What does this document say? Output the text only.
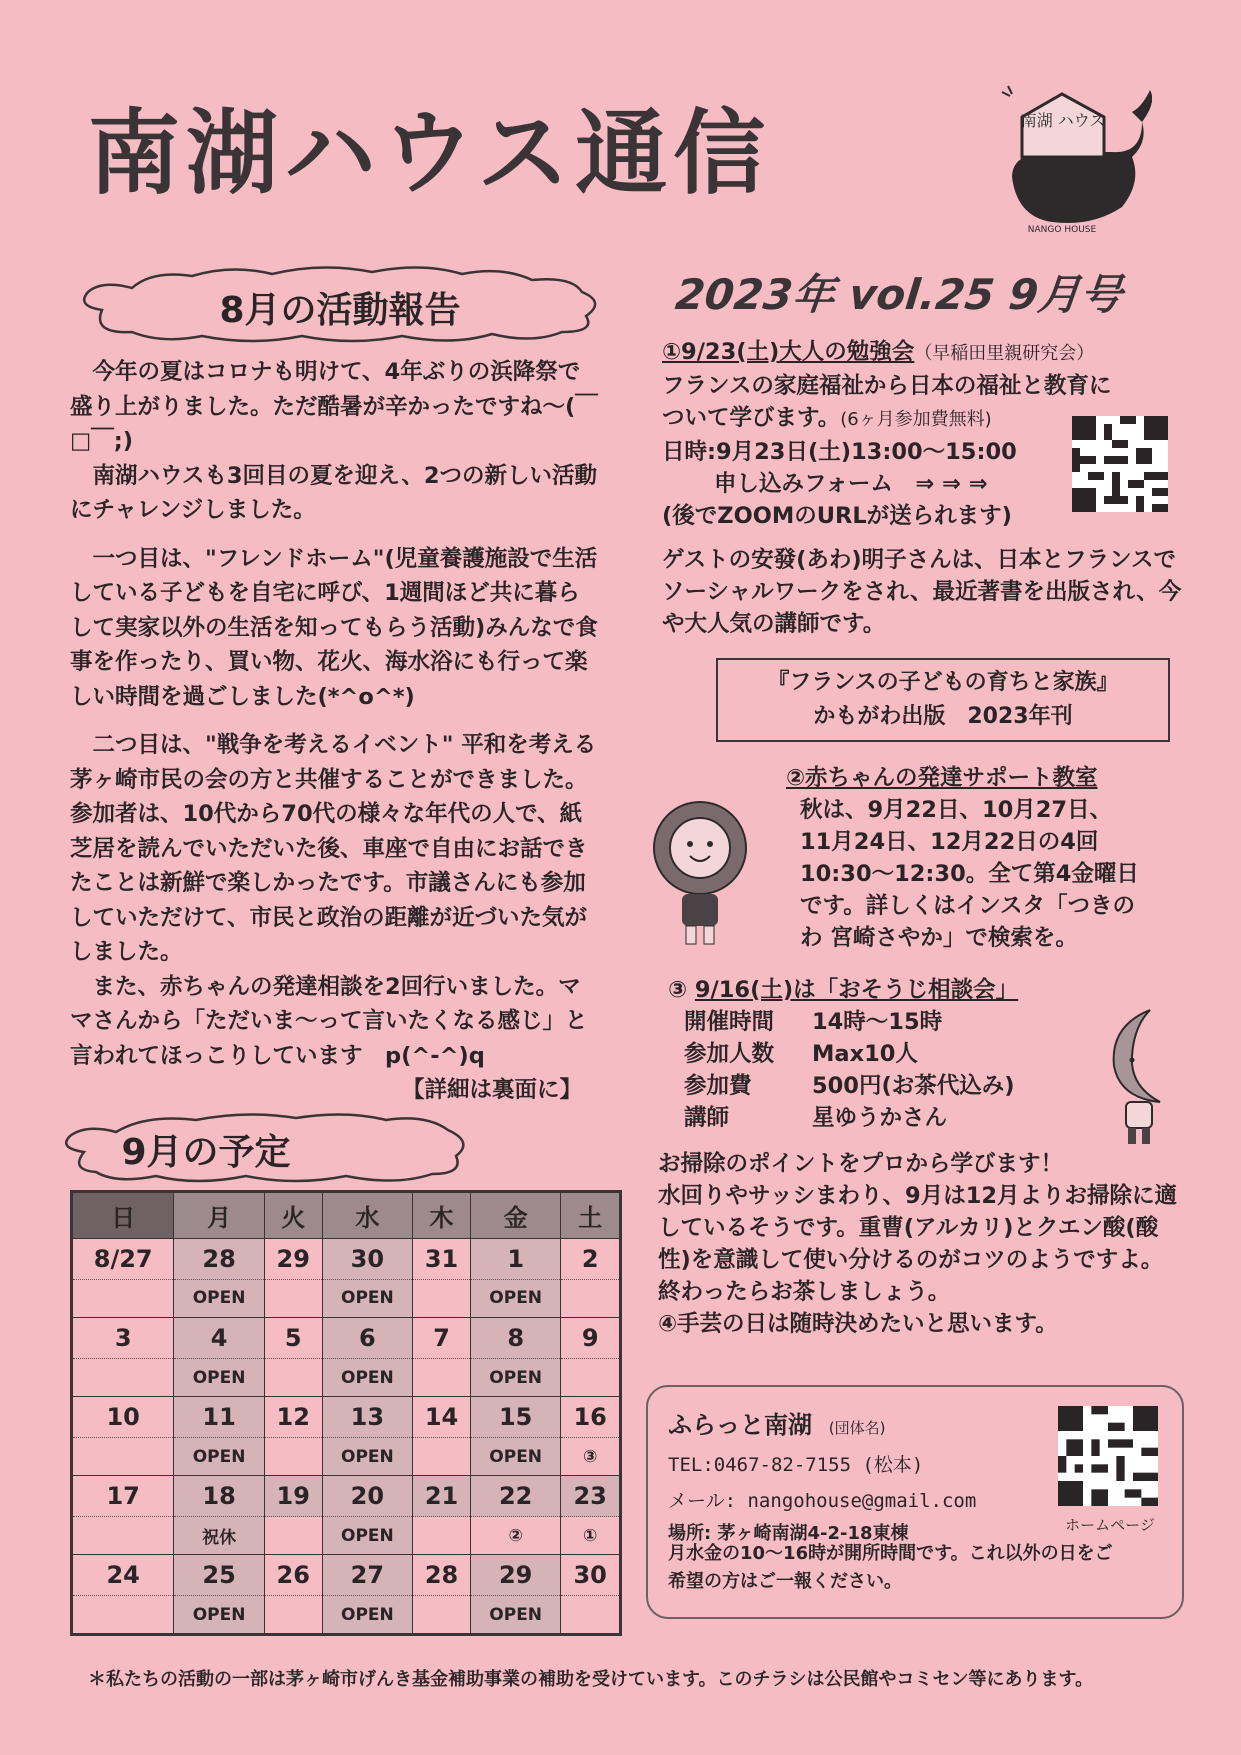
南湖ハウス通信	南湖 ハウス
NANGO HOUSE
2023年 vol.25 9月号
8月の活動報告

今年の夏はコロナも明けて、4年ぶりの浜降祭で盛り上がりました。ただ酷暑が辛かったですね〜(￣□￣;)

南湖ハウスも3回目の夏を迎え、2つの新しい活動にチャレンジしました。

一つ目は、"フレンドホーム"(児童養護施設で生活している子どもを自宅に呼び、1週間ほど共に暮らして実家以外の生活を知ってもらう活動)みんなで食事を作ったり、買い物、花火、海水浴にも行って楽しい時間を過ごしました(*^o^*)

二つ目は、"戦争を考えるイベント" 平和を考える茅ヶ崎市民の会の方と共催することができました。参加者は、10代から70代の様々な年代の人で、紙芝居を読んでいただいた後、車座で自由にお話できたことは新鮮で楽しかったです。市議さんにも参加していただけて、市民と政治の距離が近づいた気がしました。

また、赤ちゃんの発達相談を2回行いました。ママさんから「ただいま〜って言いたくなる感じ」と言われてほっこりしています　p(^-^)q

【詳細は裏面に】

9月の予定
日	月	火	水	木	金	土
8/27	28	29	30	31	1	2
	OPEN		OPEN		OPEN	
3	4	5	6	7	8	9
	OPEN		OPEN		OPEN	
10	11	12	13	14	15	16
	OPEN		OPEN		OPEN	③
17	18	19	20	21	22	23
	祝休		OPEN		②	①
24	25	26	27	28	29	30
	OPEN		OPEN		OPEN	
①9/23(土)大人の勉強会（早稲田里親研究会）
フランスの家庭福祉から日本の福祉と教育に
ついて学びます。(6ヶ月参加費無料)
日時:9月23日(土)13:00〜15:00
申し込みフォーム　⇒ ⇒ ⇒
(後でZOOMのURLが送られます)
ゲストの安發(あわ)明子さんは、日本とフランスでソーシャルワークをされ、最近著書を出版され、今や大人気の講師です。
『フランスの子どもの育ちと家族』
かもがわ出版　2023年刊
②赤ちゃんの発達サポート教室
秋は、9月22日、10月27日、
11月24日、12月22日の4回
10:30〜12:30。全て第4金曜日
です。詳しくはインスタ「つきの
わ 宮崎さやか」で検索を。
③ 9/16(土)は「おそうじ相談会」
開催時間	14時〜15時
参加人数	Max10人
参加費	500円(お茶代込み)
講師	星ゆうかさん
お掃除のポイントをプロから学びます！
水回りやサッシまわり、9月は12月よりお掃除に適
しているそうです。重曹(アルカリ)とクエン酸(酸
性)を意識して使い分けるのがコツのようですよ。
終わったらお茶しましょう。
④手芸の日は随時決めたいと思います。
ふらっと南湖 (団体名)
TEL:0467-82-7155 (松本)
メール: nangohouse@gmail.com
場所: 茅ヶ崎南湖4-2-18東棟
月水金の10〜16時が開所時間です。これ以外の日をご
希望の方はご一報ください。
ホームページ
＊私たちの活動の一部は茅ヶ崎市げんき基金補助事業の補助を受けています。このチラシは公民館やコミセン等にあります。
